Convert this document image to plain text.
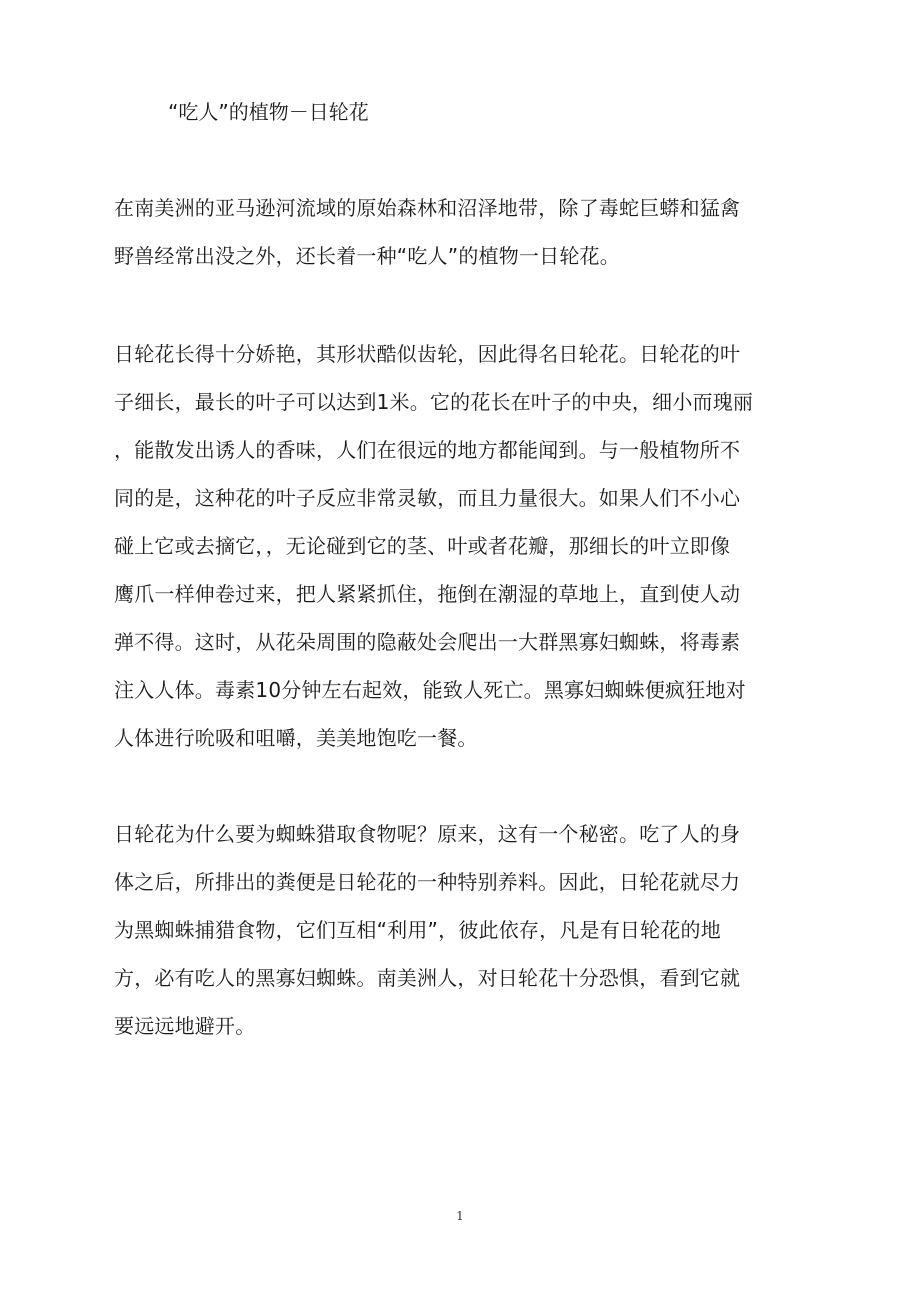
“吃人”的植物－日轮花
在南美洲的亚马逊河流域的原始森林和沼泽地带，除了毒蛇巨蟒和猛禽
野兽经常出没之外，还长着一种“吃人”的植物一日轮花。
日轮花长得十分娇艳，其形状酷似齿轮，因此得名日轮花。日轮花的叶
子细长，最长的叶子可以达到1米。它的花长在叶子的中央，细小而瑰丽
，能散发出诱人的香味，人们在很远的地方都能闻到。与一般植物所不
同的是，这种花的叶子反应非常灵敏，而且力量很大。如果人们不小心
碰上它或去摘它，，无论碰到它的茎、叶或者花瓣，那细长的叶立即像
鹰爪一样伸卷过来，把人紧紧抓住，拖倒在潮湿的草地上，直到使人动
弹不得。这时，从花朵周围的隐蔽处会爬出一大群黑寡妇蜘蛛，将毒素
注入人体。毒素10分钟左右起效，能致人死亡。黑寡妇蜘蛛便疯狂地对
人体进行吮吸和咀嚼，美美地饱吃一餐。
日轮花为什么要为蜘蛛猎取食物呢？原来，这有一个秘密。吃了人的身
体之后，所排出的粪便是日轮花的一种特别养料。因此，日轮花就尽力
为黑蜘蛛捕猎食物，它们互相“利用”，彼此依存，凡是有日轮花的地
方，必有吃人的黑寡妇蜘蛛。南美洲人，对日轮花十分恐惧，看到它就
要远远地避开。
1
